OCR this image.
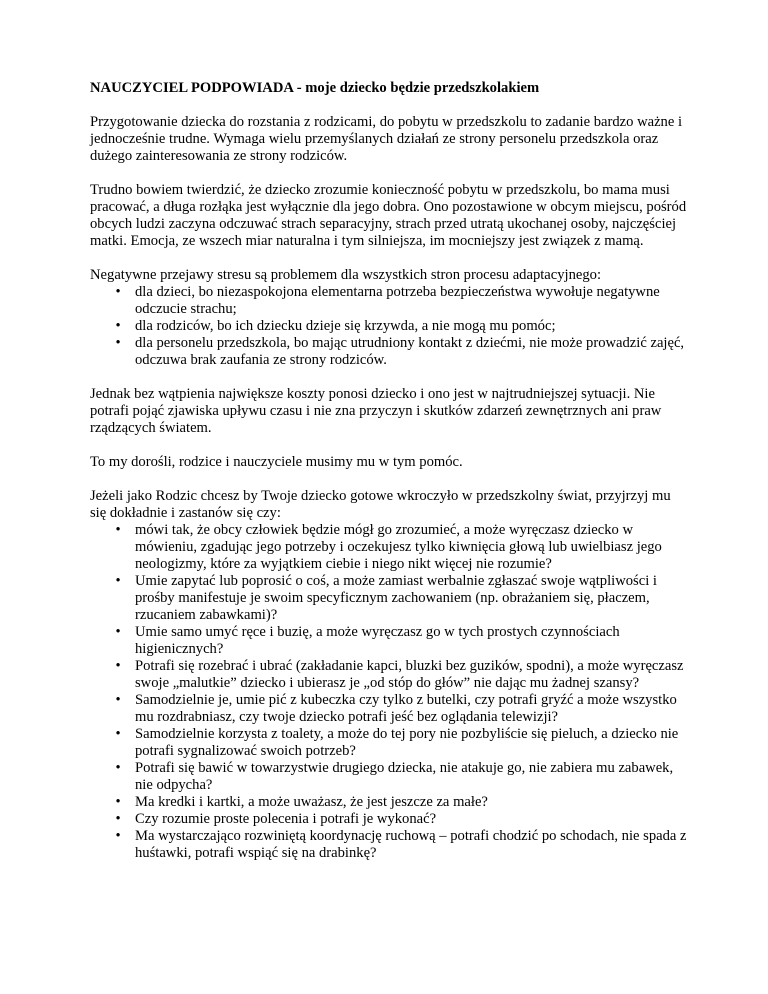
NAUCZYCIEL PODPOWIADA - moje dziecko będzie przedszkolakiem

Przygotowanie dziecka do rozstania z rodzicami, do pobytu w przedszkolu to zadanie bardzo ważne i jednocześnie trudne. Wymaga wielu przemyślanych działań ze strony personelu przedszkola oraz dużego zainteresowania ze strony rodziców.

Trudno bowiem twierdzić, że dziecko zrozumie konieczność pobytu w przedszkolu, bo mama musi pracować, a długa rozłąka jest wyłącznie dla jego dobra. Ono pozostawione w obcym miejscu, pośród obcych ludzi zaczyna odczuwać strach separacyjny, strach przed utratą ukochanej osoby, najczęściej matki. Emocja, ze wszech miar naturalna i tym silniejsza, im mocniejszy jest związek z mamą.

Negatywne przejawy stresu są problemem dla wszystkich stron procesu adaptacyjnego:

• dla dzieci, bo niezaspokojona elementarna potrzeba bezpieczeństwa wywołuje negatywne odczucie strachu;
• dla rodziców, bo ich dziecku dzieje się krzywda, a nie mogą mu pomóc;
• dla personelu przedszkola, bo mając utrudniony kontakt z dziećmi, nie może prowadzić zajęć, odczuwa brak zaufania ze strony rodziców.

Jednak bez wątpienia największe koszty ponosi dziecko i ono jest w najtrudniejszej sytuacji. Nie potrafi pojąć zjawiska upływu czasu i nie zna przyczyn i skutków zdarzeń zewnętrznych ani praw rządzących światem.

To my dorośli, rodzice i nauczyciele musimy mu w tym pomóc.

Jeżeli jako Rodzic chcesz by Twoje dziecko gotowe wkroczyło w przedszkolny świat, przyjrzyj mu się dokładnie i zastanów się czy:

• mówi tak, że obcy człowiek będzie mógł go zrozumieć, a może wyręczasz dziecko w mówieniu, zgadując jego potrzeby i oczekujesz tylko kiwnięcia głową lub uwielbiasz jego neologizmy, które za wyjątkiem ciebie i niego nikt więcej nie rozumie?
• Umie zapytać lub poprosić o coś, a może zamiast werbalnie zgłaszać swoje wątpliwości i prośby manifestuje je swoim specyficznym zachowaniem (np. obrażaniem się, płaczem, rzucaniem zabawkami)?
• Umie samo umyć ręce i buzię, a może wyręczasz go w tych prostych czynnościach higienicznych?
• Potrafi się rozebrać i ubrać (zakładanie kapci, bluzki bez guzików, spodni), a może wyręczasz swoje „malutkie” dziecko i ubierasz je „od stóp do głów” nie dając mu żadnej szansy?
• Samodzielnie je, umie pić z kubeczka czy tylko z butelki, czy potrafi gryźć a może wszystko mu rozdrabniasz, czy twoje dziecko potrafi jeść bez oglądania telewizji?
• Samodzielnie korzysta z toalety, a może do tej pory nie pozbyliście się pieluch, a dziecko nie potrafi sygnalizować swoich potrzeb?
• Potrafi się bawić w towarzystwie drugiego dziecka, nie atakuje go, nie zabiera mu zabawek, nie odpycha?
• Ma kredki i kartki, a może uważasz, że jest jeszcze za małe?
• Czy rozumie proste polecenia i potrafi je wykonać?
• Ma wystarczająco rozwiniętą koordynację ruchową – potrafi chodzić po schodach, nie spada z huśtawki, potrafi wspiąć się na drabinkę?
